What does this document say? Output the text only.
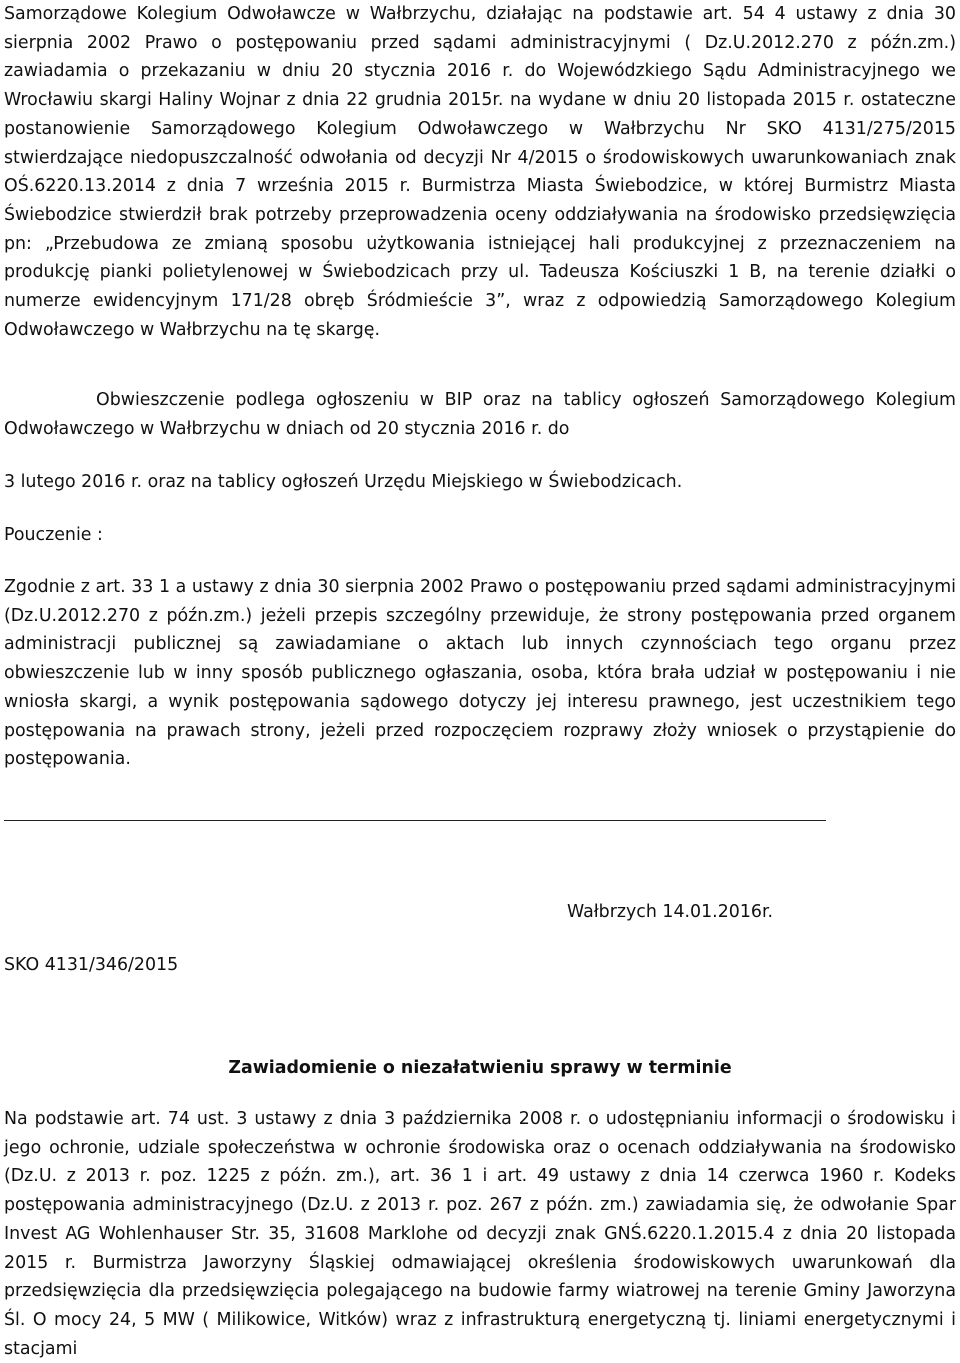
Samorządowe Kolegium Odwoławcze w Wałbrzychu, działając na podstawie art. 54 4 ustawy z dnia 30 sierpnia 2002 Prawo o postępowaniu przed sądami administracyjnymi ( Dz.U.2012.270 z późn.zm.) zawiadamia o przekazaniu w dniu 20 stycznia 2016 r. do Wojewódzkiego Sądu Administracyjnego we Wrocławiu skargi Haliny Wojnar z dnia 22 grudnia 2015r. na wydane w dniu 20 listopada 2015 r. ostateczne postanowienie Samorządowego Kolegium Odwoławczego w Wałbrzychu Nr SKO 4131/275/2015 stwierdzające niedopuszczalność odwołania od decyzji Nr 4/2015 o środowiskowych uwarunkowaniach znak OŚ.6220.13.2014 z dnia 7 września 2015 r. Burmistrza Miasta Świebodzice, w której Burmistrz Miasta Świebodzice stwierdził brak potrzeby przeprowadzenia oceny oddziaływania na środowisko przedsięwzięcia pn: „Przebudowa ze zmianą sposobu użytkowania istniejącej hali produkcyjnej z przeznaczeniem na produkcję pianki polietylenowej w Świebodzicach przy ul. Tadeusza Kościuszki 1 B, na terenie działki o numerze ewidencyjnym 171/28 obręb Śródmieście 3”, wraz z odpowiedzią Samorządowego Kolegium Odwoławczego w Wałbrzychu na tę skargę.

Obwieszczenie podlega ogłoszeniu w BIP oraz na tablicy ogłoszeń Samorządowego Kolegium Odwoławczego w Wałbrzychu w dniach od 20 stycznia 2016 r. do

3 lutego 2016 r. oraz na tablicy ogłoszeń Urzędu Miejskiego w Świebodzicach.

Pouczenie :

Zgodnie z art. 33 1 a ustawy z dnia 30 sierpnia 2002 Prawo o postępowaniu przed sądami administracyjnymi (Dz.U.2012.270 z późn.zm.) jeżeli przepis szczególny przewiduje, że strony postępowania przed organem administracji publicznej są zawiadamiane o aktach lub innych czynnościach tego organu przez obwieszczenie lub w inny sposób publicznego ogłaszania, osoba, która brała udział w postępowaniu i nie wniosła skargi, a wynik postępowania sądowego dotyczy jej interesu prawnego, jest uczestnikiem tego postępowania na prawach strony, jeżeli przed rozpoczęciem rozprawy złoży wniosek o przystąpienie do postępowania.

Wałbrzych 14.01.2016r.
SKO 4131/346/2015
Zawiadomienie o niezałatwieniu sprawy w terminie

Na podstawie art. 74 ust. 3 ustawy z dnia 3 października 2008 r. o udostępnianiu informacji o środowisku i jego ochronie, udziale społeczeństwa w ochronie środowiska oraz o ocenach oddziaływania na środowisko (Dz.U. z 2013 r. poz. 1225 z późn. zm.), art. 36 1 i art. 49 ustawy z dnia 14 czerwca 1960 r. Kodeks postępowania administracyjnego (Dz.U. z 2013 r. poz. 267 z późn. zm.) zawiadamia się, że odwołanie Spar Invest AG Wohlenhauser Str. 35, 31608 Marklohe od decyzji znak GNŚ.6220.1.2015.4 z dnia 20 listopada 2015 r. Burmistrza Jaworzyny Śląskiej odmawiającej określenia środowiskowych uwarunkowań dla przedsięwzięcia dla przedsięwzięcia polegającego na budowie farmy wiatrowej na terenie Gminy Jaworzyna Śl. O mocy 24, 5 MW ( Milikowice, Witków) wraz z infrastrukturą energetyczną tj. liniami energetycznymi i stacjami
